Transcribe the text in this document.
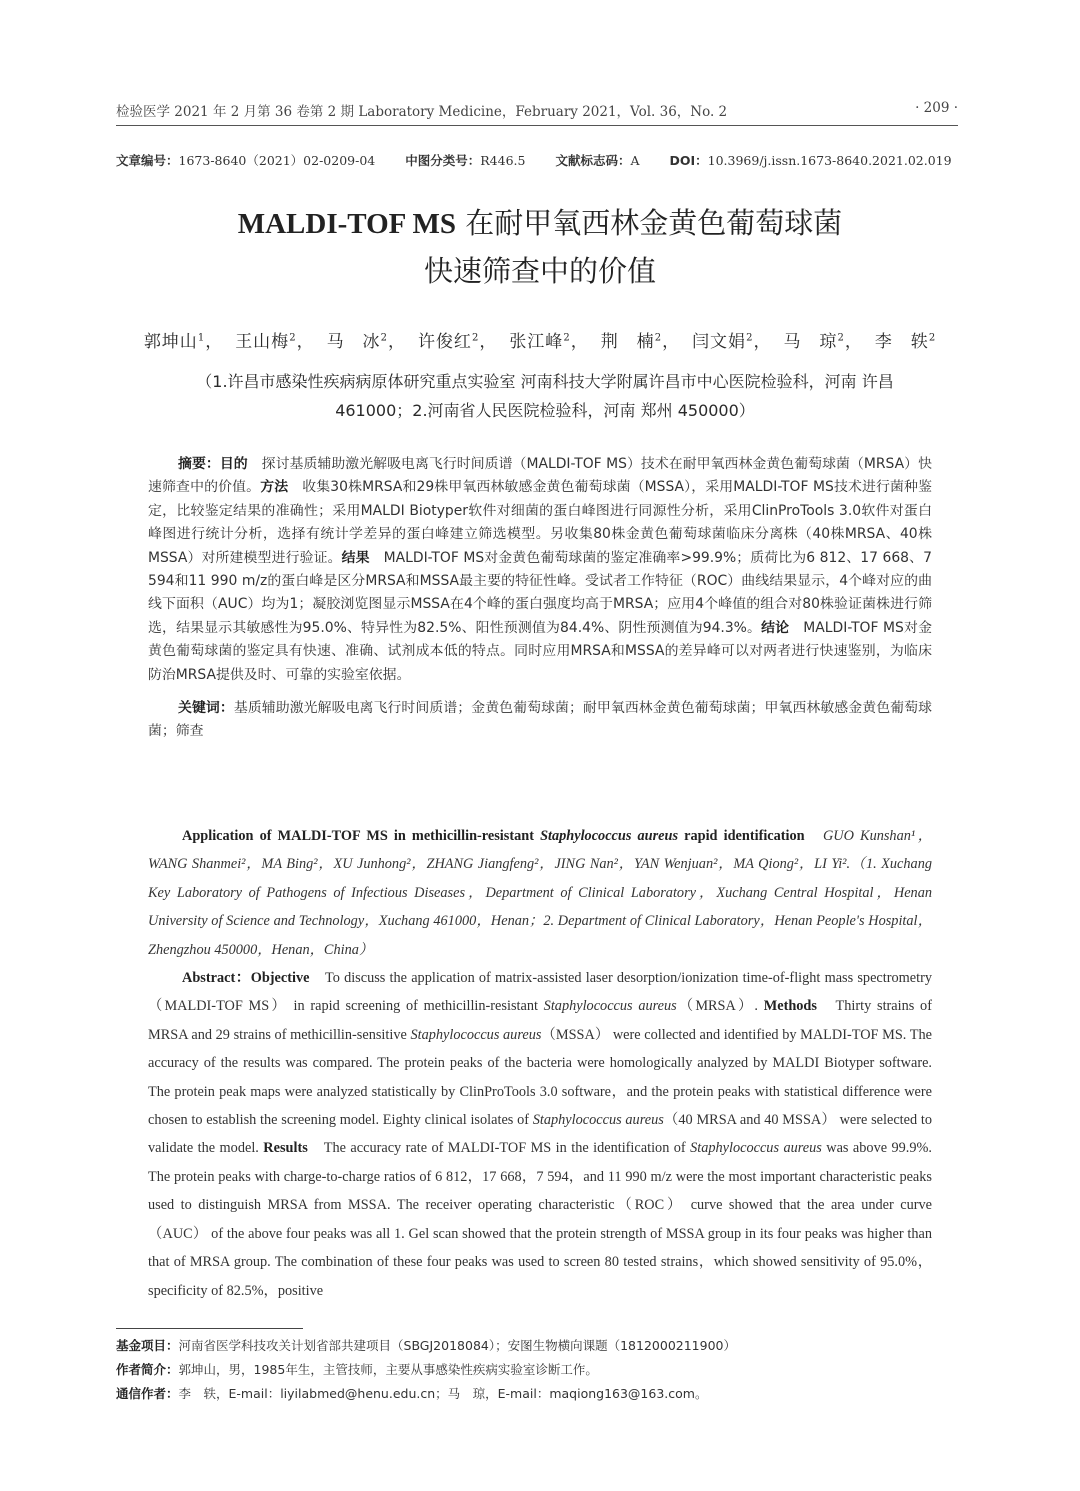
检验医学 2021 年 2 月第 36 卷第 2 期 Laboratory Medicine，February 2021，Vol. 36，No. 2	· 209 ·
文章编号：1673-8640（2021）02-0209-04 中图分类号：R446.5 文献标志码：A DOI：10.3969/j.issn.1673-8640.2021.02.019
MALDI-TOF MS 在耐甲氧西林金黄色葡萄球菌
快速筛查中的价值
郭坤山$^1$， 王山梅$^2$， 马　冰$^2$， 许俊红$^2$， 张江峰$^2$， 荆　楠$^2$， 闫文娟$^2$， 马　琼$^2$， 李　轶$^2$
（1.许昌市感染性疾病病原体研究重点实验室 河南科技大学附属许昌市中心医院检验科，河南 许昌
461000；2.河南省人民医院检验科，河南 郑州 450000）

摘要：目的　探讨基质辅助激光解吸电离飞行时间质谱（MALDI-TOF MS）技术在耐甲氧西林金黄色葡萄球菌（MRSA）快速筛查中的价值。方法　收集30株MRSA和29株甲氧西林敏感金黄色葡萄球菌（MSSA），采用MALDI-TOF MS技术进行菌种鉴定，比较鉴定结果的准确性；采用MALDI Biotyper软件对细菌的蛋白峰图进行同源性分析，采用ClinProTools 3.0软件对蛋白峰图进行统计分析，选择有统计学差异的蛋白峰建立筛选模型。另收集80株金黄色葡萄球菌临床分离株（40株MRSA、40株MSSA）对所建模型进行验证。结果　MALDI-TOF MS对金黄色葡萄球菌的鉴定准确率>99.9%；质荷比为6 812、17 668、7 594和11 990 m/z的蛋白峰是区分MRSA和MSSA最主要的特征性峰。受试者工作特征（ROC）曲线结果显示，4个峰对应的曲线下面积（AUC）均为1；凝胶浏览图显示MSSA在4个峰的蛋白强度均高于MRSA；应用4个峰值的组合对80株验证菌株进行筛选，结果显示其敏感性为95.0%、特异性为82.5%、阳性预测值为84.4%、阴性预测值为94.3%。结论　MALDI-TOF MS对金黄色葡萄球菌的鉴定具有快速、准确、试剂成本低的特点。同时应用MRSA和MSSA的差异峰可以对两者进行快速鉴别，为临床防治MRSA提供及时、可靠的实验室依据。

关键词：基质辅助激光解吸电离飞行时间质谱；金黄色葡萄球菌；耐甲氧西林金黄色葡萄球菌；甲氧西林敏感金黄色葡萄球菌；筛查

Application of MALDI-TOF MS in methicillin-resistant Staphylococcus aureus rapid identification GUO Kunshan¹，WANG Shanmei²，MA Bing²，XU Junhong²，ZHANG Jiangfeng²，JING Nan²，YAN Wenjuan²，MA Qiong²，LI Yi².（1. Xuchang Key Laboratory of Pathogens of Infectious Diseases，Department of Clinical Laboratory，Xuchang Central Hospital，Henan University of Science and Technology，Xuchang 461000，Henan；2. Department of Clinical Laboratory，Henan People's Hospital，Zhengzhou 450000，Henan，China）

Abstract：Objective　To discuss the application of matrix-assisted laser desorption/ionization time-of-flight mass spectrometry（MALDI-TOF MS） in rapid screening of methicillin-resistant Staphylococcus aureus（MRSA）. Methods　Thirty strains of MRSA and 29 strains of methicillin-sensitive Staphylococcus aureus（MSSA） were collected and identified by MALDI-TOF MS. The accuracy of the results was compared. The protein peaks of the bacteria were homologically analyzed by MALDI Biotyper software. The protein peak maps were analyzed statistically by ClinProTools 3.0 software，and the protein peaks with statistical difference were chosen to establish the screening model. Eighty clinical isolates of Staphylococcus aureus（40 MRSA and 40 MSSA） were selected to validate the model. Results　The accuracy rate of MALDI-TOF MS in the identification of Staphylococcus aureus was above 99.9%. The protein peaks with charge-to-charge ratios of 6 812，17 668，7 594，and 11 990 m/z were the most important characteristic peaks used to distinguish MRSA from MSSA. The receiver operating characteristic（ROC） curve showed that the area under curve（AUC） of the above four peaks was all 1. Gel scan showed that the protein strength of MSSA group in its four peaks was higher than that of MRSA group. The combination of these four peaks was used to screen 80 tested strains，which showed sensitivity of 95.0%，specificity of 82.5%，positive

基金项目：河南省医学科技攻关计划省部共建项目（SBGJ2018084）；安图生物横向课题（1812000211900）
作者简介：郭坤山，男，1985年生，主管技师，主要从事感染性疾病实验室诊断工作。
通信作者：李　轶，E-mail：liyilabmed@henu.edu.cn；马　琼，E-mail：maqiong163@163.com。
